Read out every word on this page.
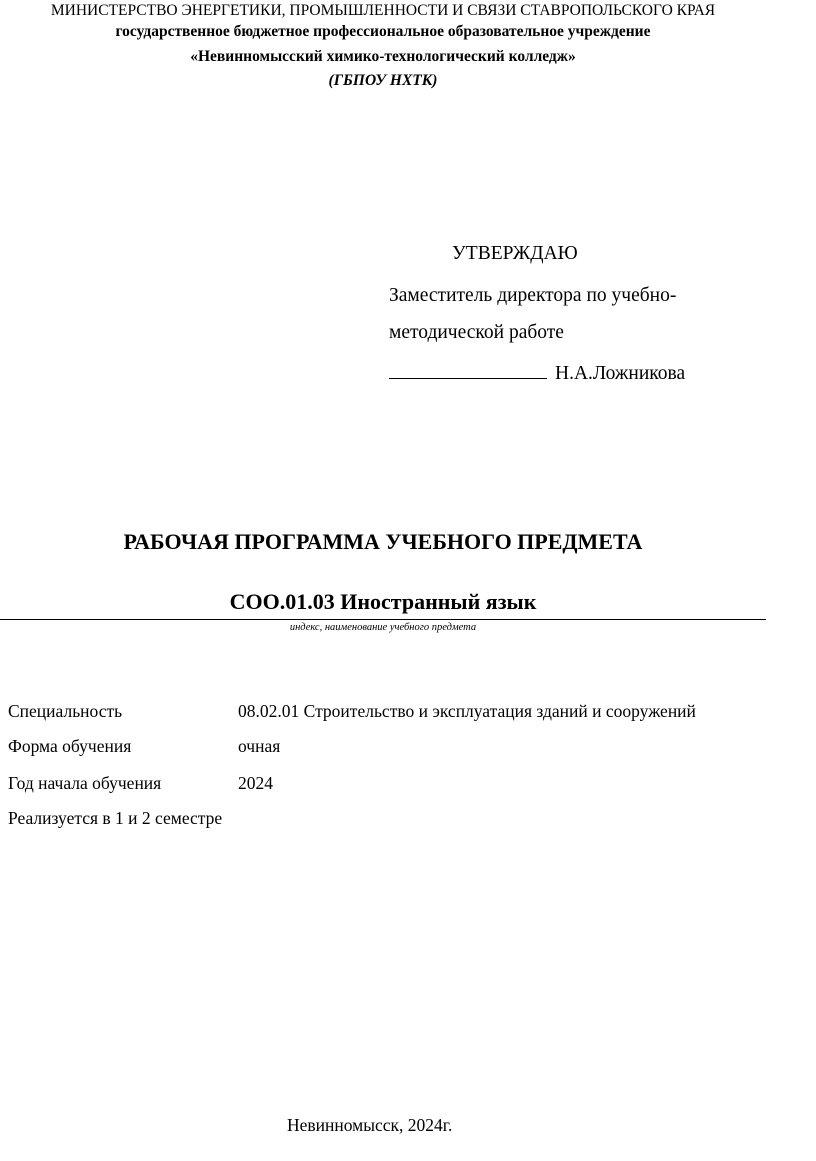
МИНИСТЕРСТВО ЭНЕРГЕТИКИ, ПРОМЫШЛЕННОСТИ И СВЯЗИ СТАВРОПОЛЬСКОГО КРАЯ
государственное бюджетное профессиональное образовательное учреждение
«Невинномысский химико-технологический колледж»
(ГБПОУ НХТК)
УТВЕРЖДАЮ
Заместитель директора по учебно-
методической работе
Н.А.Ложникова
РАБОЧАЯ ПРОГРАММА УЧЕБНОГО ПРЕДМЕТА
СОО.01.03 Иностранный язык
индекс, наименование учебного предмета
Специальность	08.02.01 Строительство и эксплуатация зданий и сооружений
Форма обучения	очная
Год начала обучения	2024
Реализуется в 1 и 2 семестре
Невинномысск, 2024г.
